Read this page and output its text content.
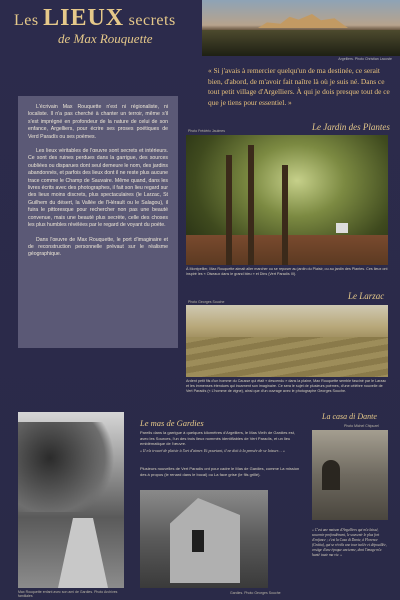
Les LIEUX secrets
de Max Rouquette
Argelliers. Photo Christian Lacoste
« Si j'avais à remercier quelqu'un de ma destinée, ce serait bien, d'abord, de m'avoir fait naître là où je suis né. Dans ce tout petit village d'Argelliers. À qui je dois presque tout de ce que je tiens pour essentiel. »

L'écrivain Max Rouquette n'est ni régionaliste, ni localiste. Il n'a pas cherché à chanter un terroir, même s'il s'est imprégné en profondeur de la nature de celui de son enfance, Argelliers, pour écrire ses proses poétiques de Verd Paradís ou ses poèmes.

Les lieux véritables de l'œuvre sont secrets et intérieurs. Ce sont des ruines perdues dans la garrigue, des sources oubliées ou disparues dont seul demeure le nom, des jardins abandonnés, et parfois des lieux dont il ne reste plus aucune trace comme le Champ de Sauvaire. Même quand, dans les livres écrits avec des photographes, il fait son lieu regard sur des lieux moins discrets, plus spectaculaires (le Larzac, St Guilhem du désert, la Vallée de l'Hérault ou le Salagou), il fuira le pittoresque pour rechercher non pas une beauté convenue, mais une beauté plus secrète, celle des choses les plus humbles révélées par le regard de voyant du poète.

Dans l'œuvre de Max Rouquette, le port d'imaginaire et de reconstruction personnelle prévaut sur le réalisme géographique.

Le Jardin des Plantes
Photo Frédéric Jaulmes
À Montpellier, Max Rouquette aimait aller marcher ou se reposer au jardin du Plaisir, ou au jardin des Plantes. Ces lieux ont inspiré les « Oiseaux dans le grand bleu » et Dins (Vert Paradís III).
Le Larzac
Photo Georges Souche
Ardent petit fils d'un homme du Causse qui était « descendu » dans la plaine, Max Rouquette semble fasciné par le Larzac et les immenses étendues qui incarnent son imaginaire. Ce sera le sujet de plusieurs poèmes, d'une célèbre nouvelle de Vert Paradís (« L'homme de vigne), ainsi que d'un ouvrage avec le photographe Georges Souche.
Max Rouquette enfant avec son ami de Gardies. Photo Archives familiales
Le mas de Gardies
Pareils dans la garrigue à quelques kilomètres d'Argelliers, le Mas Vielh de Gardies est, avec les Sources, l'un des trois lieux nommés identifiables de Vert Paradís, et un lieu emblématique de l'œuvre.
« Il n'a trouvé de plaisir à l'art d'aimer. Et pourtant, il ne doit à la pensée de se laisser… »
Plusieurs nouvelles de Vert Paradís ont pour cadre le Mas de Gardies, comme La mission des à propos (le renard dans le bocal) ou La face grise (le fils grillé).
Gardies. Photo Georges Souche
La casa di Dante
Photo Michel Chipuzel
« C'est une maison d'Argelliers qui m'a laissé, souvenir profondément, le souvenir le plus fort d'enfance ; c'est la Casa di Dante, à Florence (Gràtia), qui se révéla une tour isolée et dépouillée, vestige d'une époque ancienne, dont l'image m'a hanté toute ma vie. »
